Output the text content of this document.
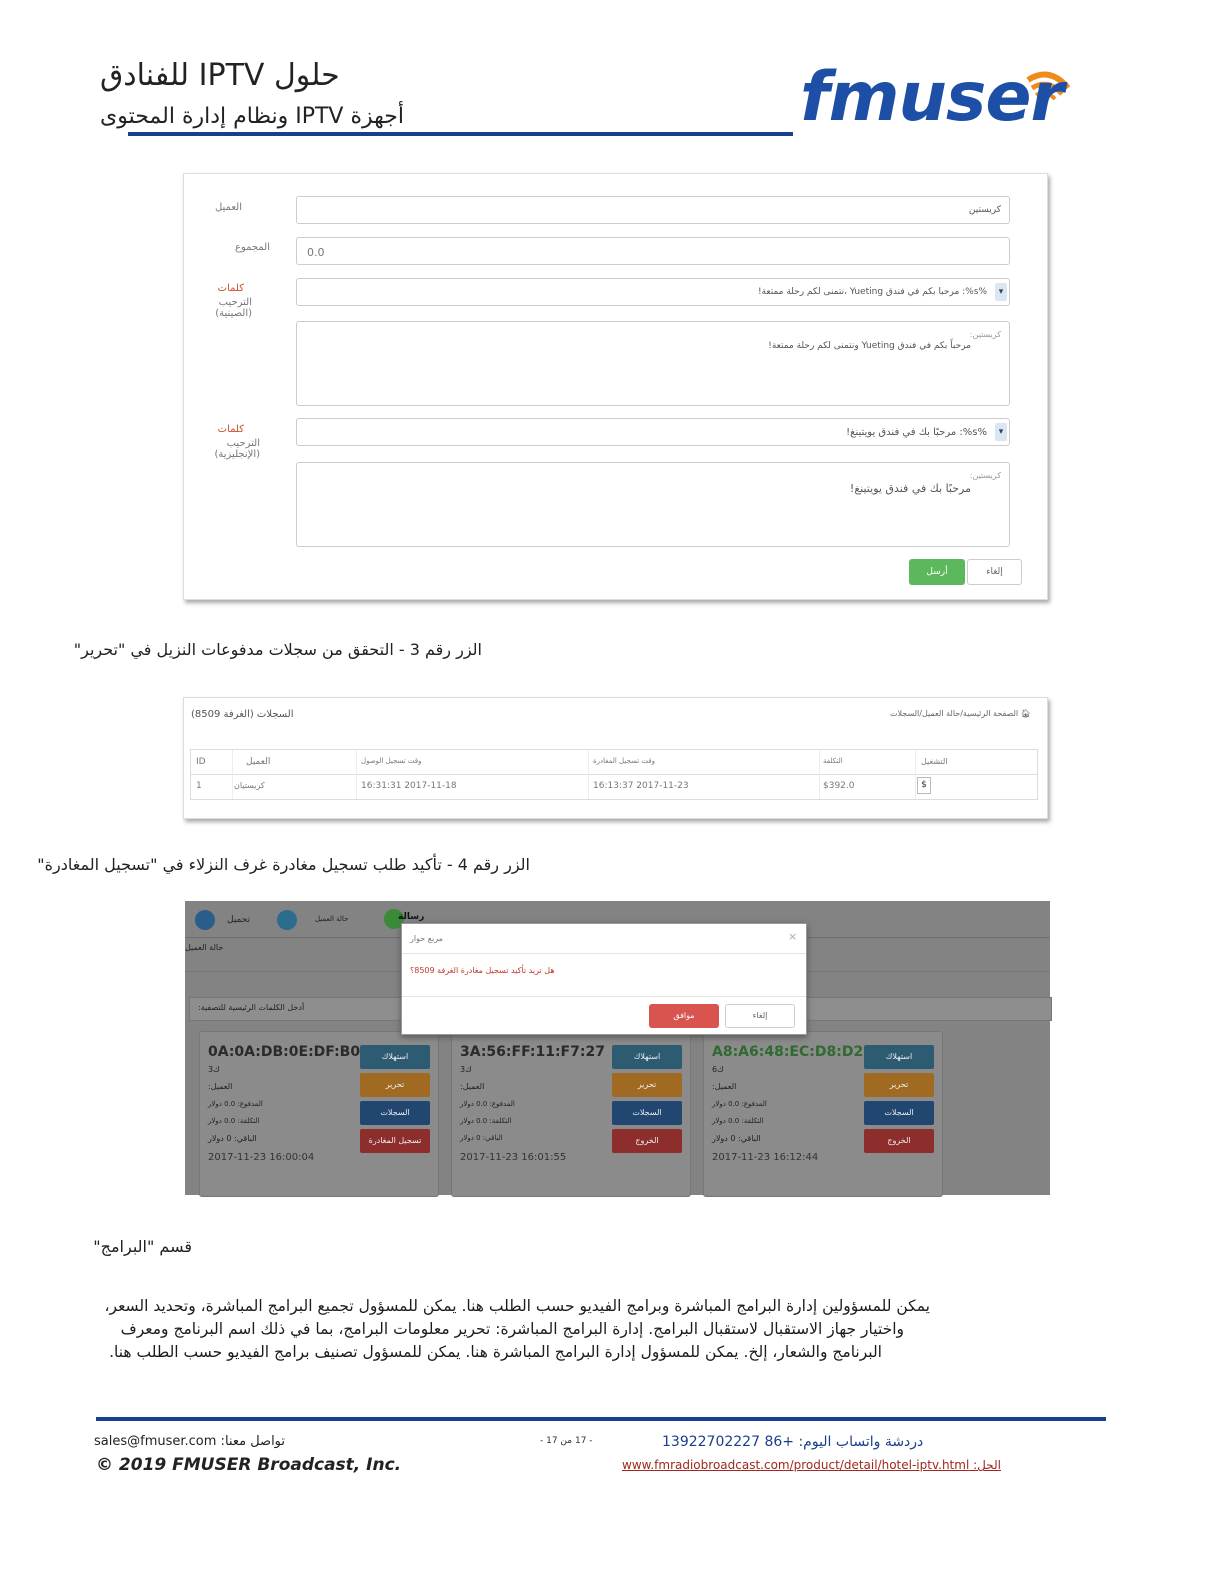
حلول IPTV للفنادق
أجهزة IPTV ونظام إدارة المحتوى	fmuser
العميل	كريستين
المجموع	0.0
كلمات
الترحيب (الصينية)
%s%: مرحبا بكم في فندق Yueting ،نتمنى لكم رحلة ممتعة!	▾
كريستين:
مرحباً بكم في فندق Yueting ونتمنى لكم رحلة ممتعة!
كلمات
الترحيب (الإنجليزية)
%s%: مرحبًا بك في فندق يويتينغ!	▾
كريستين:
مرحبًا بك في فندق يويتينغ!
أرسل	إلغاء
الزر رقم 3 - التحقق من سجلات مدفوعات النزيل في "تحرير"
السجلات (الغرفة 8509)	🏠︎ الصفحة الرئيسية/حالة العميل/السجلات
ID	العميل	وقت تسجيل الوصول	وقت تسجيل المغادرة	التكلفة	التشغيل
1	كريستيان	2017-11-18 16:31:31	2017-11-23 16:13:37	$392.0	$
الزر رقم 4 - تأكيد طلب تسجيل مغادرة غرف النزلاء في "تسجيل المغادرة"
تحميل	حالة العميل	رسالة
حالة العميل
أدخل الكلمات الرئيسية للتصفية:
0A:0A:DB:0E:DF:B0
ك3
العميل:
المدفوع: 0.0 دولار
التكلفة: 0.0 دولار
الباقي: 0 دولار
2017-11-23 16:00:04
استهلاك
تحرير
السجلات
تسجيل المغادرة
3A:56:FF:11:F7:27
ك3
العميل:
المدفوع: 0.0 دولار
التكلفة: 0.0 دولار
الباقي: 0 دولار
2017-11-23 16:01:55
استهلاك
تحرير
السجلات
الخروج
A8:A6:48:EC:D8:D2
ك6
العميل:
المدفوع: 0.0 دولار
التكلفة: 0.0 دولار
الباقي: 0 دولار
2017-11-23 16:12:44
استهلاك
تحرير
السجلات
الخروج
مربع حوار	×
هل تريد تأكيد تسجيل مغادرة الغرفة 8509؟
موافق	إلغاء
قسم "البرامج"
يمكن للمسؤولين إدارة البرامج المباشرة وبرامج الفيديو حسب الطلب هنا. يمكن للمسؤول تجميع البرامج المباشرة، وتحديد السعر،
واختيار جهاز الاستقبال لاستقبال البرامج. إدارة البرامج المباشرة: تحرير معلومات البرامج، بما في ذلك اسم البرنامج ومعرف
البرنامج والشعار، إلخ. يمكن للمسؤول إدارة البرامج المباشرة هنا. يمكن للمسؤول تصنيف برامج الفيديو حسب الطلب هنا.
sales@fmuser.com :تواصل معنا
© 2019 FMUSER Broadcast, Inc.
- 17 من 17 -	دردشة واتساب اليوم: +86 13922702227
الحل: www.fmradiobroadcast.com/product/detail/hotel-iptv.html
